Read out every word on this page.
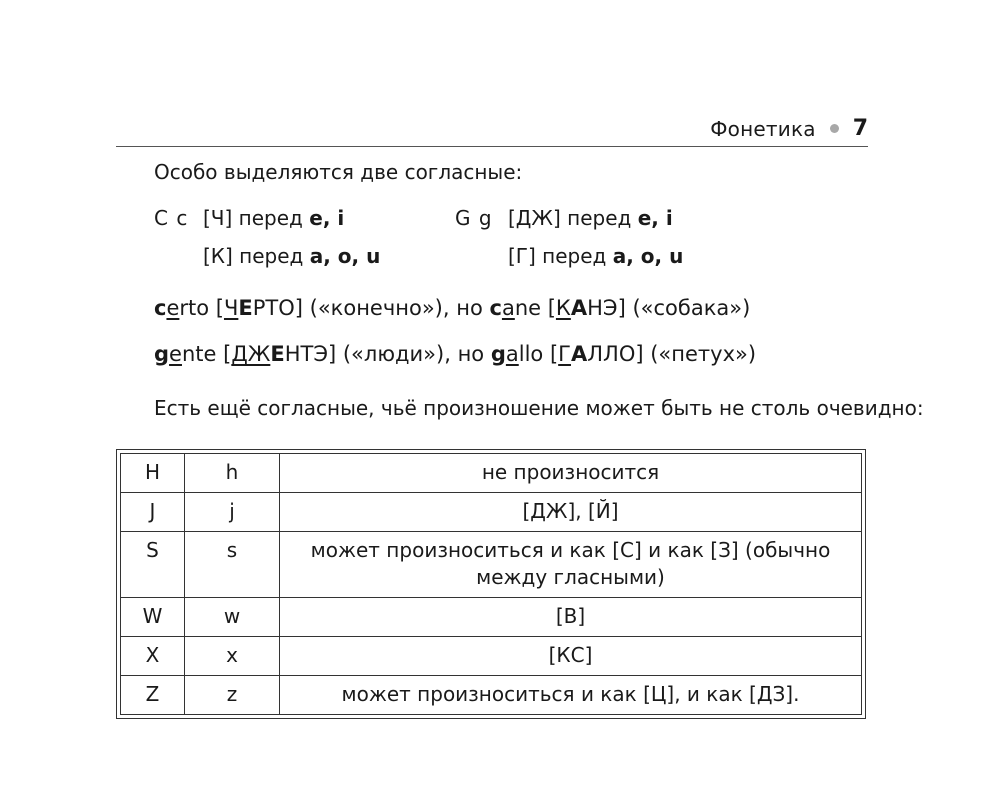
Фонетика 7
Особо выделяются две согласные:
C c [Ч] перед e, i
[К] перед a, o, u
G g [ДЖ] перед e, i
[Г] перед a, o, u
certo [ЧЕРТО] («конечно»), но cane [КАНЭ] («собака»)
gente [ДЖЕНТЭ] («люди»), но gallo [ГАЛЛО] («петух»)
Есть ещё согласные, чьё произношение может быть не столь очевидно:
H	h	не произносится
J	j	[ДЖ], [Й]
S	s	может произноситься и как [С] и как [З] (обычно между гласными)
W	w	[В]
X	x	[КС]
Z	z	может произноситься и как [Ц], и как [ДЗ].
